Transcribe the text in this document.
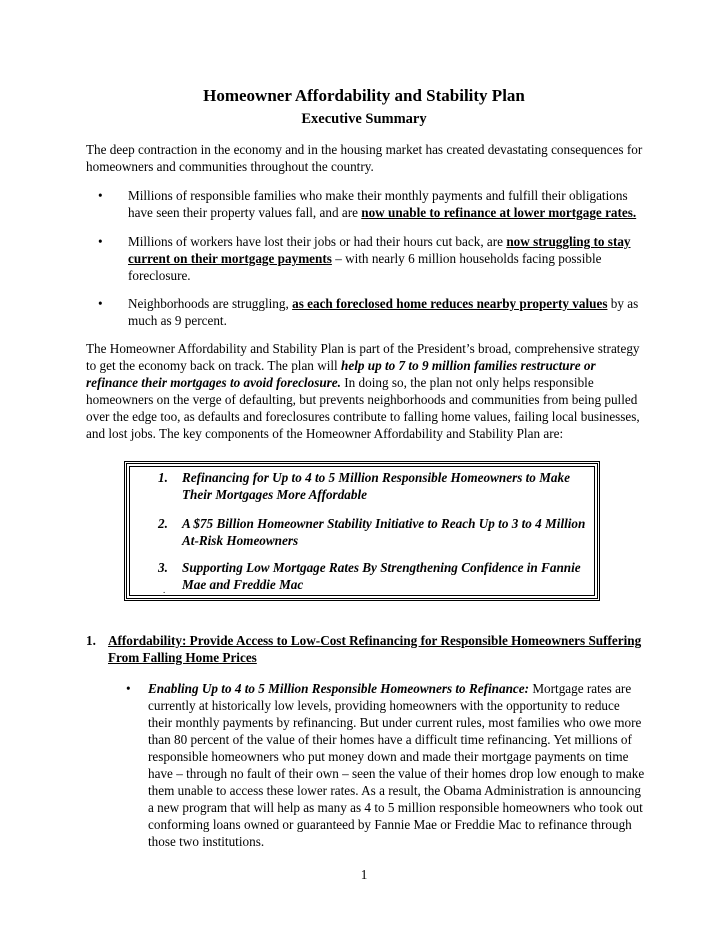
Homeowner Affordability and Stability Plan
Executive Summary

The deep contraction in the economy and in the housing market has created devastating consequences for homeowners and communities throughout the country.

•	Millions of responsible families who make their monthly payments and fulfill their obligations have seen their property values fall, and are now unable to refinance at lower mortgage rates.
•	Millions of workers have lost their jobs or had their hours cut back, are now struggling to stay current on their mortgage payments – with nearly 6 million households facing possible foreclosure.
•	Neighborhoods are struggling, as each foreclosed home reduces nearby property values by as much as 9 percent.

The Homeowner Affordability and Stability Plan is part of the President’s broad, comprehensive strategy to get the economy back on track. The plan will help up to 7 to 9 million families restructure or refinance their mortgages to avoid foreclosure. In doing so, the plan not only helps responsible homeowners on the verge of defaulting, but prevents neighborhoods and communities from being pulled over the edge too, as defaults and foreclosures contribute to falling home values, failing local businesses, and lost jobs. The key components of the Homeowner Affordability and Stability Plan are:

1. Refinancing for Up to 4 to 5 Million Responsible Homeowners to Make Their Mortgages More Affordable
2. A $75 Billion Homeowner Stability Initiative to Reach Up to 3 to 4 Million At-Risk Homeowners
3. Supporting Low Mortgage Rates By Strengthening Confidence in Fannie Mae and Freddie Mac
.
1. Affordability: Provide Access to Low-Cost Refinancing for Responsible Homeowners Suffering From Falling Home Prices
•	Enabling Up to 4 to 5 Million Responsible Homeowners to Refinance: Mortgage rates are currently at historically low levels, providing homeowners with the opportunity to reduce their monthly payments by refinancing. But under current rules, most families who owe more than 80 percent of the value of their homes have a difficult time refinancing. Yet millions of responsible homeowners who put money down and made their mortgage payments on time have – through no fault of their own – seen the value of their homes drop low enough to make them unable to access these lower rates. As a result, the Obama Administration is announcing a new program that will help as many as 4 to 5 million responsible homeowners who took out conforming loans owned or guaranteed by Fannie Mae or Freddie Mac to refinance through those two institutions.
1
